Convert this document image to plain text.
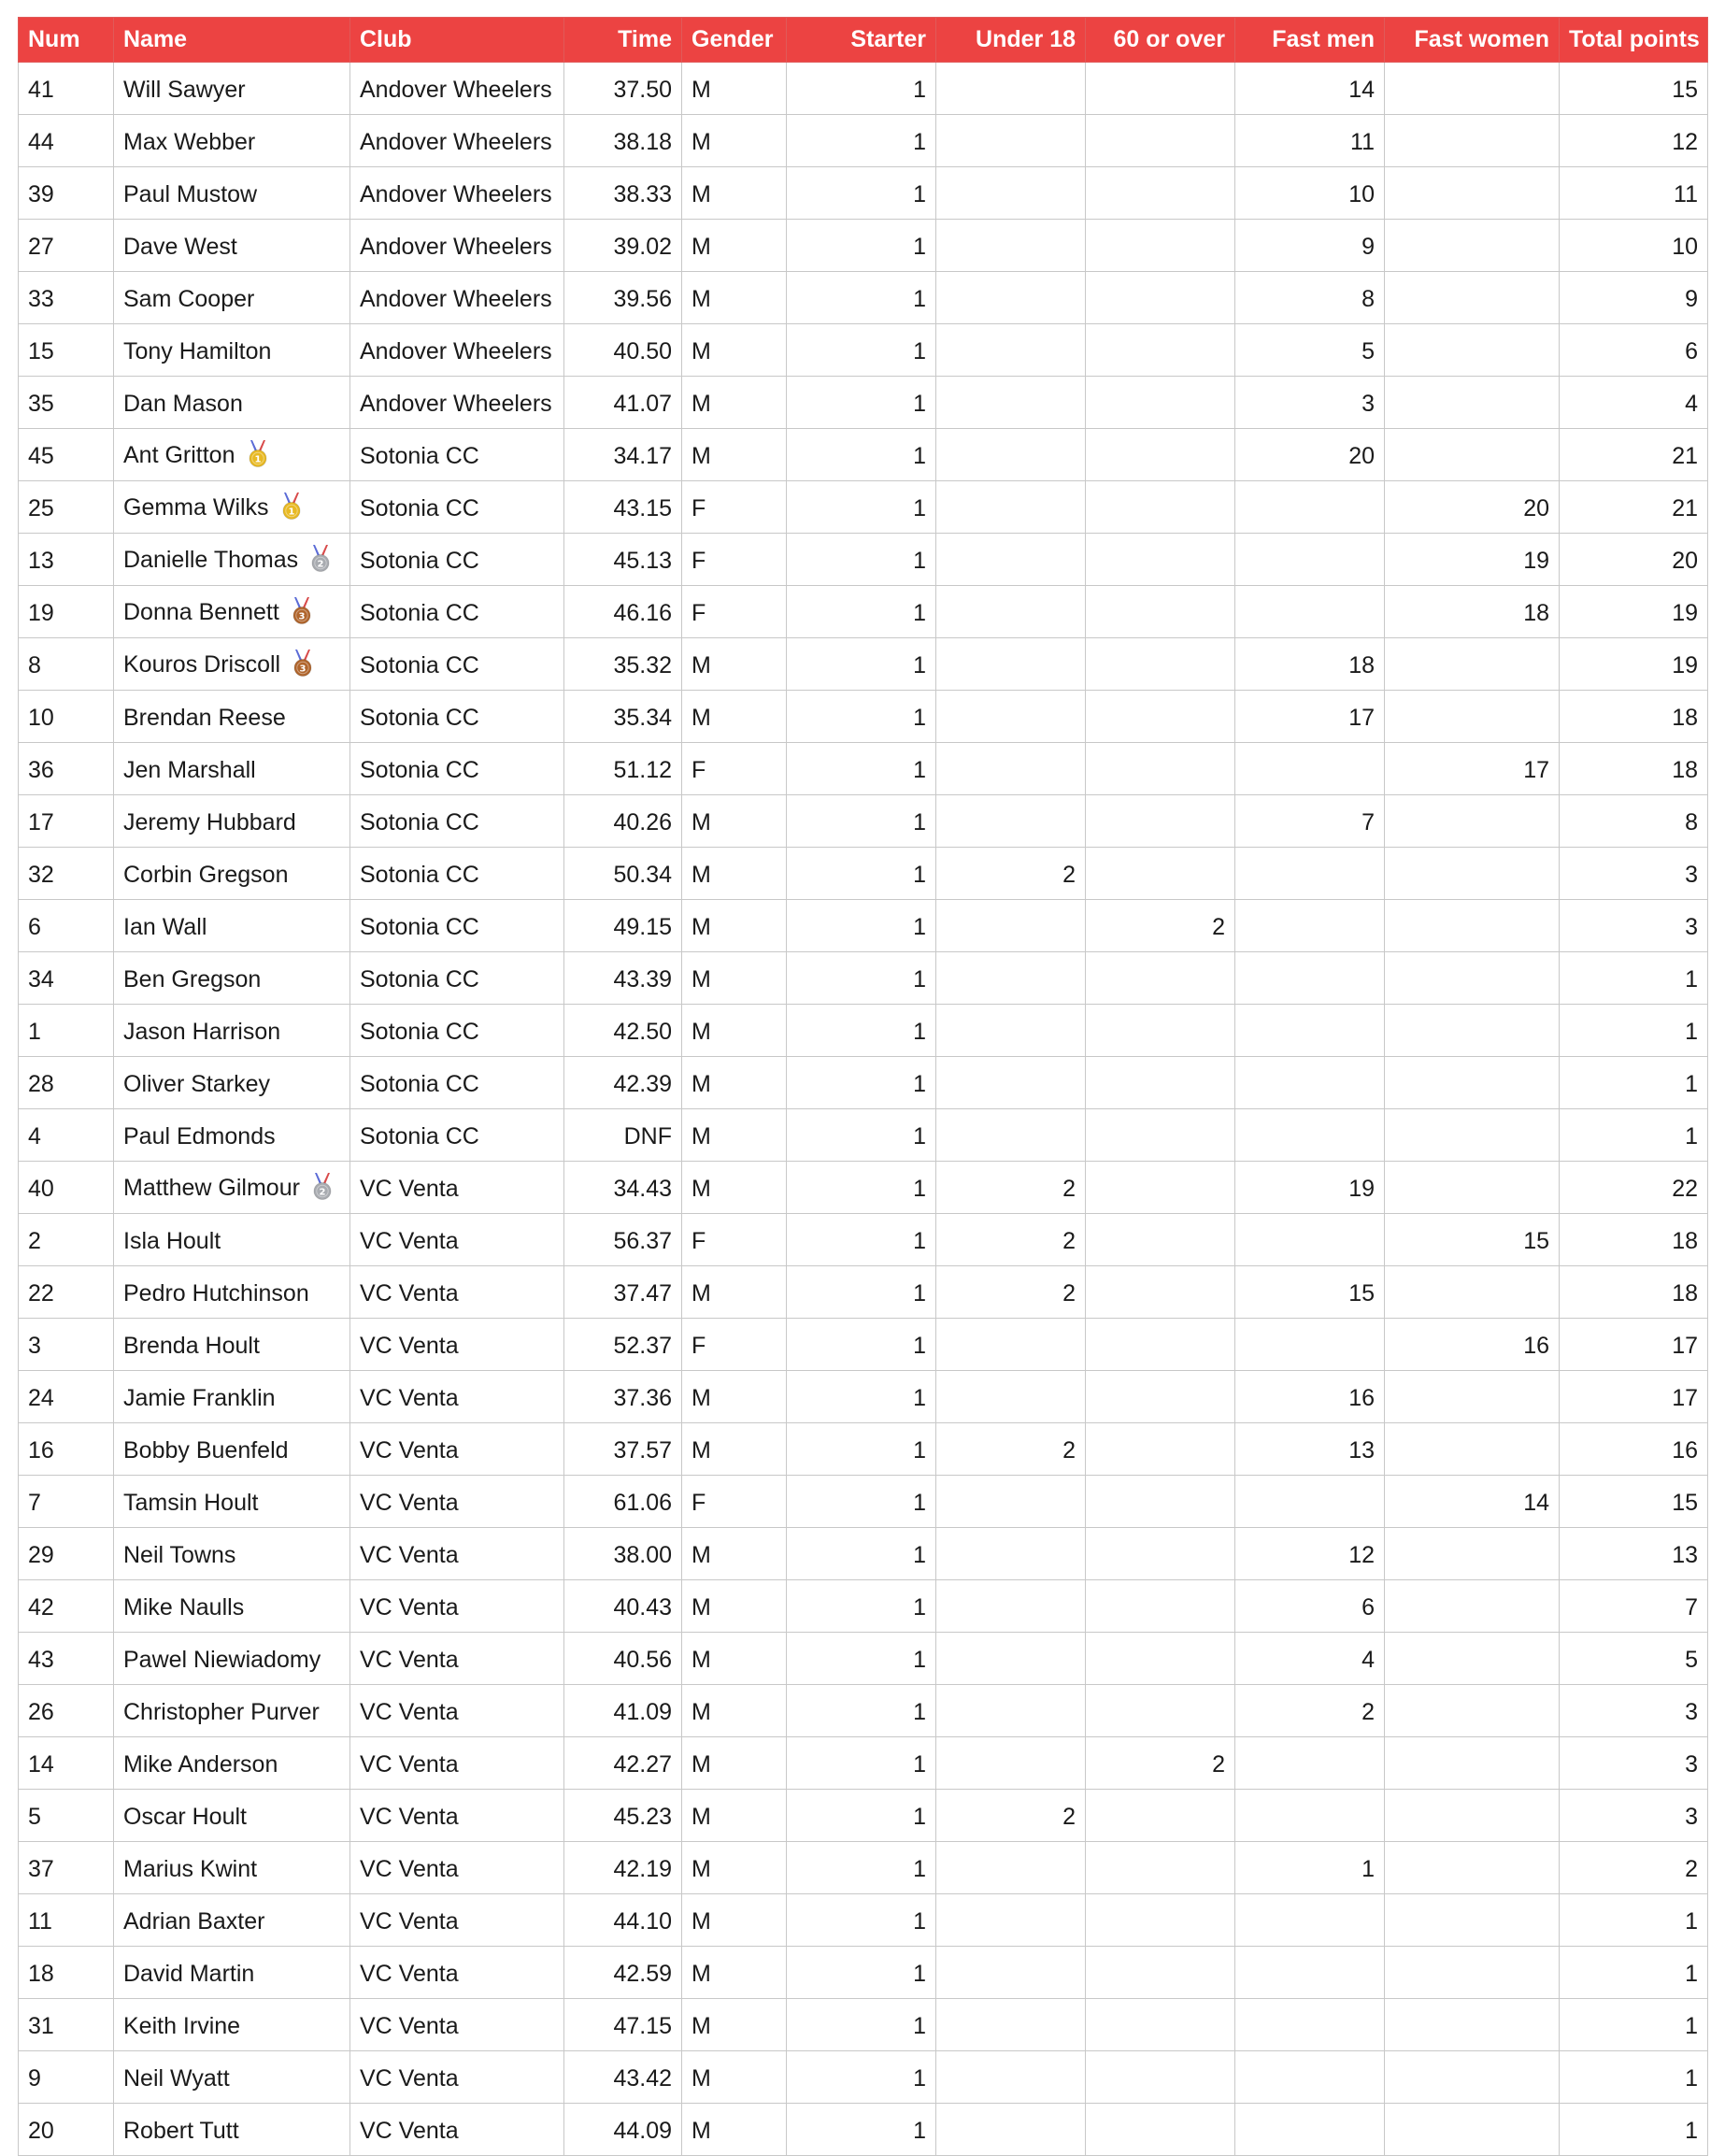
Num	Name	Club	Time	Gender	Starter	Under 18	60 or over	Fast men	Fast women	Total points
41	Will Sawyer	Andover Wheelers	37.50	M	1			14		15
44	Max Webber	Andover Wheelers	38.18	M	1			11		12
39	Paul Mustow	Andover Wheelers	38.33	M	1			10		11
27	Dave West	Andover Wheelers	39.02	M	1			9		10
33	Sam Cooper	Andover Wheelers	39.56	M	1			8		9
15	Tony Hamilton	Andover Wheelers	40.50	M	1			5		6
35	Dan Mason	Andover Wheelers	41.07	M	1			3		4
45	Ant Gritton 1	Sotonia CC	34.17	M	1			20		21
25	Gemma Wilks 1	Sotonia CC	43.15	F	1				20	21
13	Danielle Thomas 2	Sotonia CC	45.13	F	1				19	20
19	Donna Bennett 3	Sotonia CC	46.16	F	1				18	19
8	Kouros Driscoll 3	Sotonia CC	35.32	M	1			18		19
10	Brendan Reese	Sotonia CC	35.34	M	1			17		18
36	Jen Marshall	Sotonia CC	51.12	F	1				17	18
17	Jeremy Hubbard	Sotonia CC	40.26	M	1			7		8
32	Corbin Gregson	Sotonia CC	50.34	M	1	2				3
6	Ian Wall	Sotonia CC	49.15	M	1		2			3
34	Ben Gregson	Sotonia CC	43.39	M	1					1
1	Jason Harrison	Sotonia CC	42.50	M	1					1
28	Oliver Starkey	Sotonia CC	42.39	M	1					1
4	Paul Edmonds	Sotonia CC	DNF	M	1					1
40	Matthew Gilmour 2	VC Venta	34.43	M	1	2		19		22
2	Isla Hoult	VC Venta	56.37	F	1	2			15	18
22	Pedro Hutchinson	VC Venta	37.47	M	1	2		15		18
3	Brenda Hoult	VC Venta	52.37	F	1				16	17
24	Jamie Franklin	VC Venta	37.36	M	1			16		17
16	Bobby Buenfeld	VC Venta	37.57	M	1	2		13		16
7	Tamsin Hoult	VC Venta	61.06	F	1				14	15
29	Neil Towns	VC Venta	38.00	M	1			12		13
42	Mike Naulls	VC Venta	40.43	M	1			6		7
43	Pawel Niewiadomy	VC Venta	40.56	M	1			4		5
26	Christopher Purver	VC Venta	41.09	M	1			2		3
14	Mike Anderson	VC Venta	42.27	M	1		2			3
5	Oscar Hoult	VC Venta	45.23	M	1	2				3
37	Marius Kwint	VC Venta	42.19	M	1			1		2
11	Adrian Baxter	VC Venta	44.10	M	1					1
18	David Martin	VC Venta	42.59	M	1					1
31	Keith Irvine	VC Venta	47.15	M	1					1
9	Neil Wyatt	VC Venta	43.42	M	1					1
20	Robert Tutt	VC Venta	44.09	M	1					1
